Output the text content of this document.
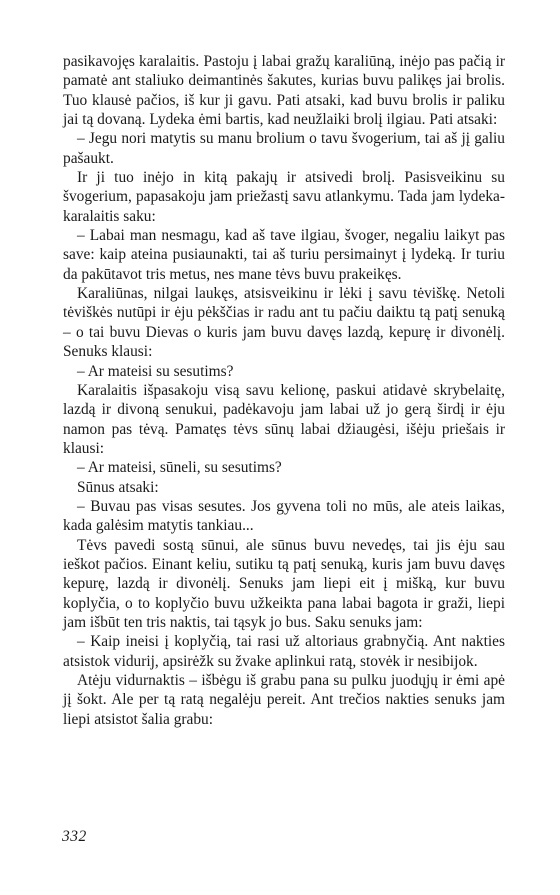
pasikavojęs karalaitis. Pastoju į labai gražų karaliūną, inėjo pas pačią ir pamatė ant staliuko deimantinės šakutes, kurias buvu palikęs jai brolis. Tuo klausė pačios, iš kur ji gavu. Pati atsaki, kad buvu brolis ir paliku jai tą dovaną. Lydeka ėmi bartis, kad neužlaiki brolį ilgiau. Pati atsaki:

– Jegu nori matytis su manu brolium o tavu švogerium, tai aš jį galiu pašaukt.

Ir ji tuo inėjo in kitą pakajų ir atsivedi brolį. Pasisveikinu su švogerium, papasakoju jam priežastį savu atlankymu. Tada jam lydeka-karalaitis saku:

– Labai man nesmagu, kad aš tave ilgiau, švoger, negaliu laikyt pas save: kaip ateina pusiaunakti, tai aš turiu persimainyt į lydeką. Ir turiu da pakūtavot tris metus, nes mane tėvs buvu prakeikęs.

Karaliūnas, nilgai laukęs, atsisveikinu ir lėki į savu tėviškę. Netoli tėviškės nutūpi ir ėju pėkščias ir radu ant tu pačiu daiktu tą patį senuką – o tai buvu Dievas o kuris jam buvu davęs lazdą, kepurę ir divonėlį. Senuks klausi:

– Ar mateisi su sesutims?

Karalaitis išpasakoju visą savu kelionę, paskui atidavė skrybelaitę, lazdą ir divoną senukui, padėkavoju jam labai už jo gerą širdį ir ėju namon pas tėvą. Pamatęs tėvs sūnų labai džiaugėsi, išėju priešais ir klausi:

– Ar mateisi, sūneli, su sesutims?

Sūnus atsaki:

– Buvau pas visas sesutes. Jos gyvena toli no mūs, ale ateis laikas, kada galėsim matytis tankiau...

Tėvs pavedi sostą sūnui, ale sūnus buvu nevedęs, tai jis ėju sau ieškot pačios. Einant keliu, sutiku tą patį senuką, kuris jam buvu davęs kepurę, lazdą ir divonėlį. Senuks jam liepi eit į mišką, kur buvu koplyčia, o to koplyčio buvu užkeikta pana labai bagota ir graži, liepi jam išbūt ten tris naktis, tai tąsyk jo bus. Saku senuks jam:

– Kaip ineisi į koplyčią, tai rasi už altoriaus grabnyčią. Ant nakties atsistok vidurij, apsirėžk su žvake aplinkui ratą, stovėk ir nesibijok.

Atėju vidurnaktis – išbėgu iš grabu pana su pulku juodųjų ir ėmi apė jį šokt. Ale per tą ratą negalėju pereit. Ant trečios nakties senuks jam liepi atsistot šalia grabu:

332
